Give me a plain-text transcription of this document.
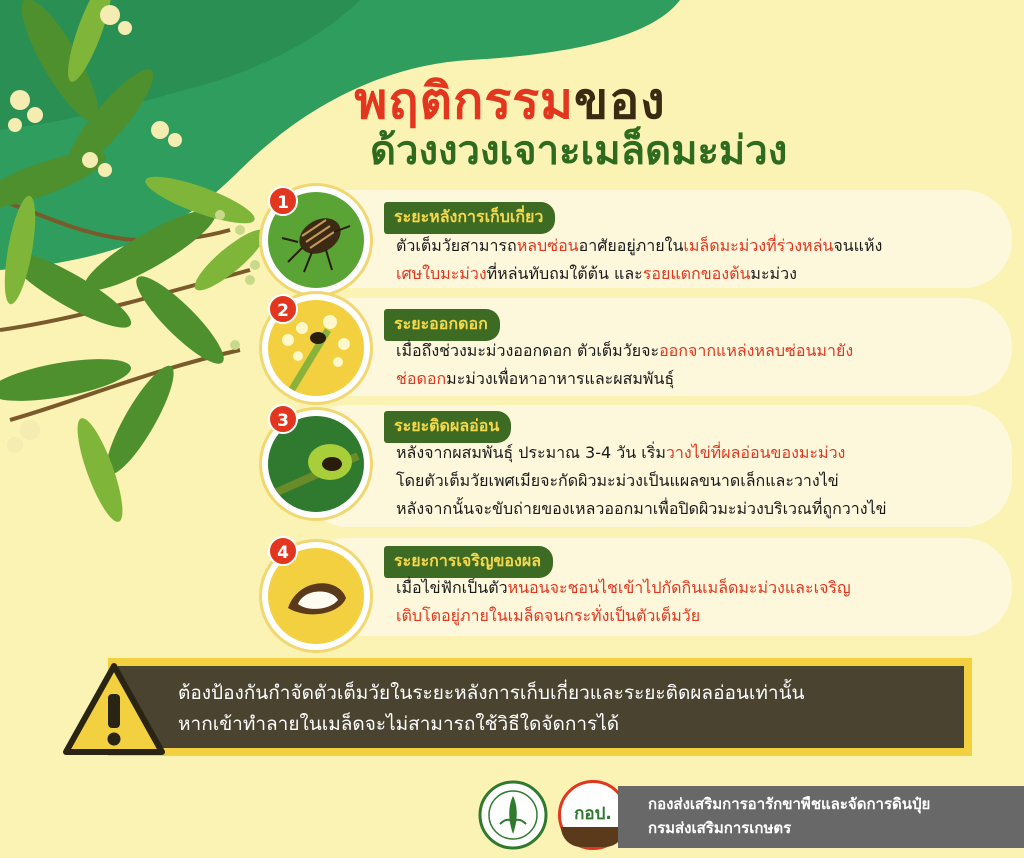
พฤติกรรมของ
ด้วงงวงเจาะเมล็ดมะม่วง
1
2
3
4
ระยะหลังการเก็บเกี่ยว
ระยะออกดอก
ระยะติดผลอ่อน
ระยะการเจริญของผล
ตัวเต็มวัยสามารถหลบซ่อนอาศัยอยู่ภายในเมล็ดมะม่วงที่ร่วงหล่นจนแห้ง
เศษใบมะม่วงที่หล่นทับถมใต้ต้น และรอยแตกของต้นมะม่วง
เมื่อถึงช่วงมะม่วงออกดอก ตัวเต็มวัยจะออกจากแหล่งหลบซ่อนมายัง
ช่อดอกมะม่วงเพื่อหาอาหารและผสมพันธุ์
หลังจากผสมพันธุ์ ประมาณ 3-4 วัน เริ่มวางไข่ที่ผลอ่อนของมะม่วง
โดยตัวเต็มวัยเพศเมียจะกัดผิวมะม่วงเป็นแผลขนาดเล็กและวางไข่
หลังจากนั้นจะขับถ่ายของเหลวออกมาเพื่อปิดผิวมะม่วงบริเวณที่ถูกวางไข่
เมื่อไข่ฟักเป็นตัวหนอนจะชอนไชเข้าไปกัดกินเมล็ดมะม่วงและเจริญ
เติบโตอยู่ภายในเมล็ดจนกระทั่งเป็นตัวเต็มวัย
ต้องป้องกันกำจัดตัวเต็มวัยในระยะหลังการเก็บเกี่ยวและระยะติดผลอ่อนเท่านั้น
หากเข้าทำลายในเมล็ดจะไม่สามารถใช้วิธีใดจัดการได้
กอป.	กองส่งเสริมการอารักขาพืชและจัดการดินปุ๋ย
กรมส่งเสริมการเกษตร
